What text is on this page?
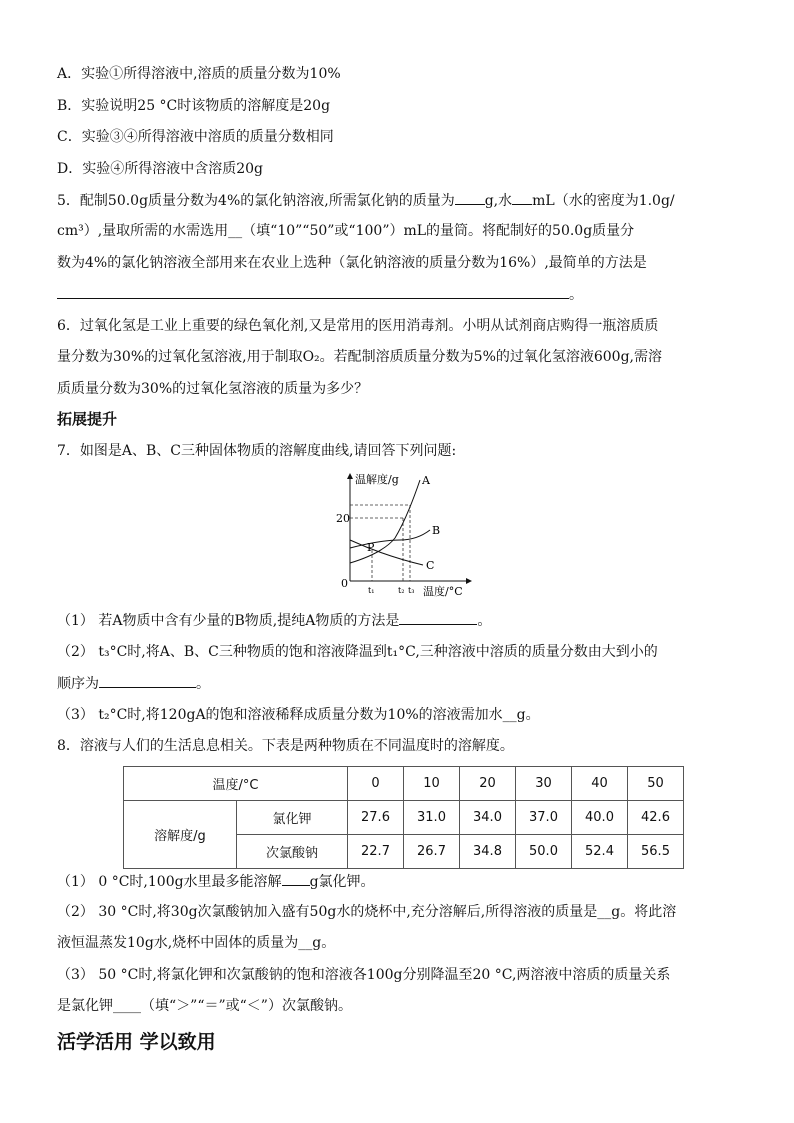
A．实验①所得溶液中,溶质的质量分数为10%
B．实验说明25 °C时该物质的溶解度是20g
C．实验③④所得溶液中溶质的质量分数相同
D．实验④所得溶液中含溶质20g
5．配制50.0g质量分数为4%的氯化钠溶液,所需氯化钠的质量为 g,水 mL（水的密度为1.0g/
cm³）,量取所需的水需选用__（填“10”“50”或“100”）mL的量筒。将配制好的50.0g质量分
数为4%的氯化钠溶液全部用来在农业上选种（氯化钠溶液的质量分数为16%）,最简单的方法是
。
6．过氧化氢是工业上重要的绿色氧化剂,又是常用的医用消毒剂。小明从试剂商店购得一瓶溶质质
量分数为30%的过氧化氢溶液,用于制取O₂。若配制溶质质量分数为5%的过氧化氢溶液600g,需溶
质质量分数为30%的过氧化氢溶液的质量为多少？
拓展提升
7．如图是A、B、C三种固体物质的溶解度曲线,请回答下列问题:
温解度/g
温度/°C
20
0
A
B
C
P
t₁	t₂ t₃
（1） 若A物质中含有少量的B物质,提纯A物质的方法是	。
（2） t₃°C时,将A、B、C三种物质的饱和溶液降温到t₁°C,三种溶液中溶质的质量分数由大到小的
顺序为	。
（3） t₂°C时,将120gA的饱和溶液稀释成质量分数为10%的溶液需加水__g。
8．溶液与人们的生活息息相关。下表是两种物质在不同温度时的溶解度。
温度/°C		0	10	20	30	40	50
溶解度/g	氯化钾	27.6	31.0	34.0	37.0	40.0	42.6
	次氯酸钠	22.7	26.7	34.8	50.0	52.4	56.5
（1） 0 °C时,100g水里最多能溶解 g氯化钾。
（2） 30 °C时,将30g次氯酸钠加入盛有50g水的烧杯中,充分溶解后,所得溶液的质量是__g。将此溶
液恒温蒸发10g水,烧杯中固体的质量为__g。
（3） 50 °C时,将氯化钾和次氯酸钠的饱和溶液各100g分别降温至20 °C,两溶液中溶质的质量关系
是氯化钾____（填“＞”“＝”或“＜”）次氯酸钠。
活学活用 学以致用
